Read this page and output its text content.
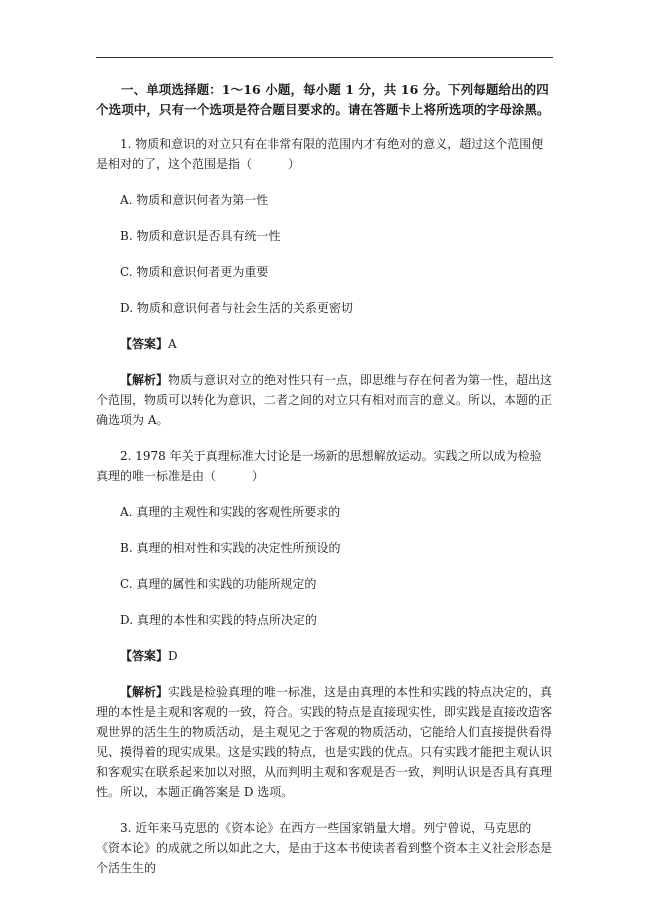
一、单项选择题：1～16 小题，每小题 1 分，共 16 分。下列每题给出的四个选项中，只有一个选项是符合题目要求的。请在答题卡上将所选项的字母涂黑。

1. 物质和意识的对立只有在非常有限的范围内才有绝对的意义，超过这个范围便是相对的了，这个范围是指（	）

A. 物质和意识何者为第一性

B. 物质和意识是否具有统一性

C. 物质和意识何者更为重要

D. 物质和意识何者与社会生活的关系更密切

【答案】A

【解析】物质与意识对立的绝对性只有一点，即思维与存在何者为第一性，超出这个范围，物质可以转化为意识，二者之间的对立只有相对而言的意义。所以，本题的正确选项为 A。

2. 1978 年关于真理标准大讨论是一场新的思想解放运动。实践之所以成为检验真理的唯一标准是由（	）

A. 真理的主观性和实践的客观性所要求的

B. 真理的相对性和实践的决定性所预设的

C. 真理的属性和实践的功能所规定的

D. 真理的本性和实践的特点所决定的

【答案】D

【解析】实践是检验真理的唯一标准，这是由真理的本性和实践的特点决定的，真理的本性是主观和客观的一致，符合。实践的特点是直接现实性，即实践是直接改造客观世界的活生生的物质活动，是主观见之于客观的物质活动，它能给人们直接提供看得见、摸得着的现实成果。这是实践的特点，也是实践的优点。只有实践才能把主观认识和客观实在联系起来加以对照，从而判明主观和客观是否一致，判明认识是否具有真理性。所以，本题正确答案是 D 选项。

3. 近年来马克思的《资本论》在西方一些国家销量大增。列宁曾说，马克思的《资本论》的成就之所以如此之大，是由于这本书使读者看到整个资本主义社会形态是个活生生的
